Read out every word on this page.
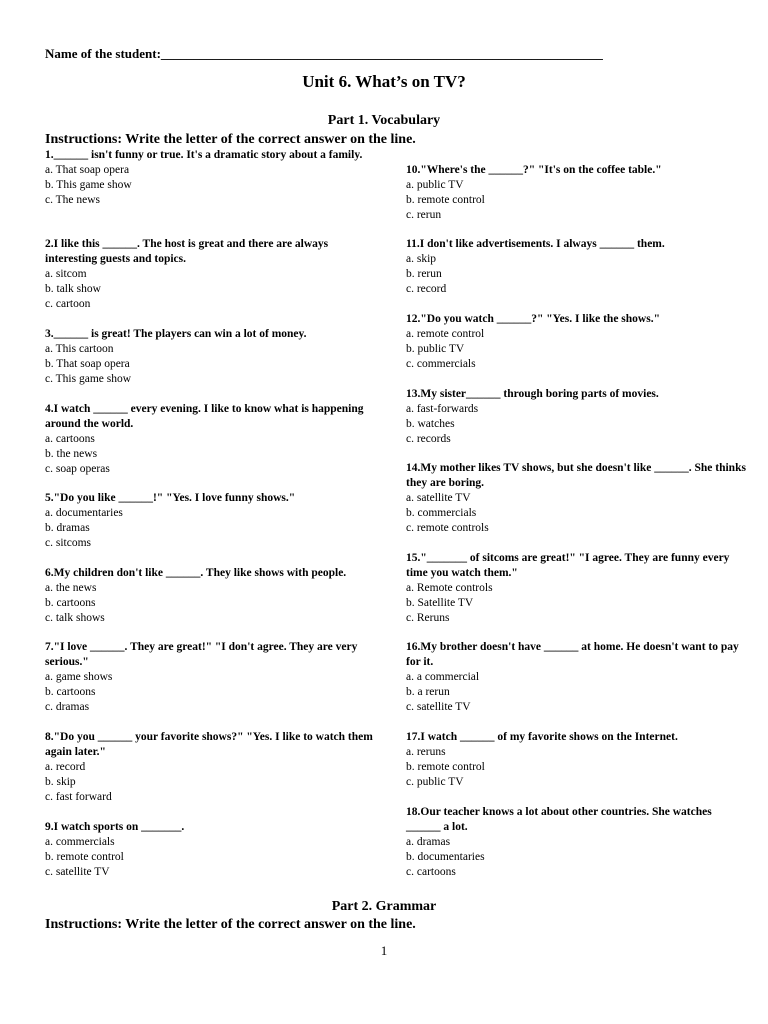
Name of the student:____________________________________________________________________
Unit 6. What’s on TV?
Part 1. Vocabulary
Instructions: Write the letter of the correct answer on the line.
1.______ isn't funny or true. It's a dramatic story about a family.
a. That soap opera
b. This game show
c. The news
2.I like this ______. The host is great and there are always interesting guests and topics.
a. sitcom
b. talk show
c. cartoon
3.______ is great! The players can win a lot of money.
a. This cartoon
b. That soap opera
c. This game show
4.I watch ______ every evening. I like to know what is happening around the world.
a. cartoons
b. the news
c. soap operas
5."Do you like ______!" "Yes. I love funny shows."
a. documentaries
b. dramas
c. sitcoms
6.My children don't like ______. They like shows with people.
a. the news
b. cartoons
c. talk shows
7."I love ______. They are great!" "I don't agree. They are very serious."
a. game shows
b. cartoons
c. dramas
8."Do you ______ your favorite shows?" "Yes. I like to watch them again later."
a. record
b. skip
c. fast forward
9.I watch sports on _______.
a. commercials
b. remote control
c. satellite TV
10."Where's the ______?" "It's on the coffee table."
a. public TV
b. remote control
c. rerun
11.I don't like advertisements. I always ______ them.
a. skip
b. rerun
c. record
12."Do you watch ______?" "Yes. I like the shows."
a. remote control
b. public TV
c. commercials
13.My sister______ through boring parts of movies.
a. fast-forwards
b. watches
c. records
14.My mother likes TV shows, but she doesn't like ______. She thinks they are boring.
a. satellite TV
b. commercials
c. remote controls
15."_______ of sitcoms are great!" "I agree. They are funny every time you watch them."
a. Remote controls
b. Satellite TV
c. Reruns
16.My brother doesn't have ______ at home. He doesn't want to pay for it.
a. a commercial
b. a rerun
c. satellite TV
17.I watch ______ of my favorite shows on the Internet.
a. reruns
b. remote control
c. public TV
18.Our teacher knows a lot about other countries. She watches ______ a lot.
a. dramas
b. documentaries
c. cartoons
Part 2. Grammar
Instructions: Write the letter of the correct answer on the line.
1
